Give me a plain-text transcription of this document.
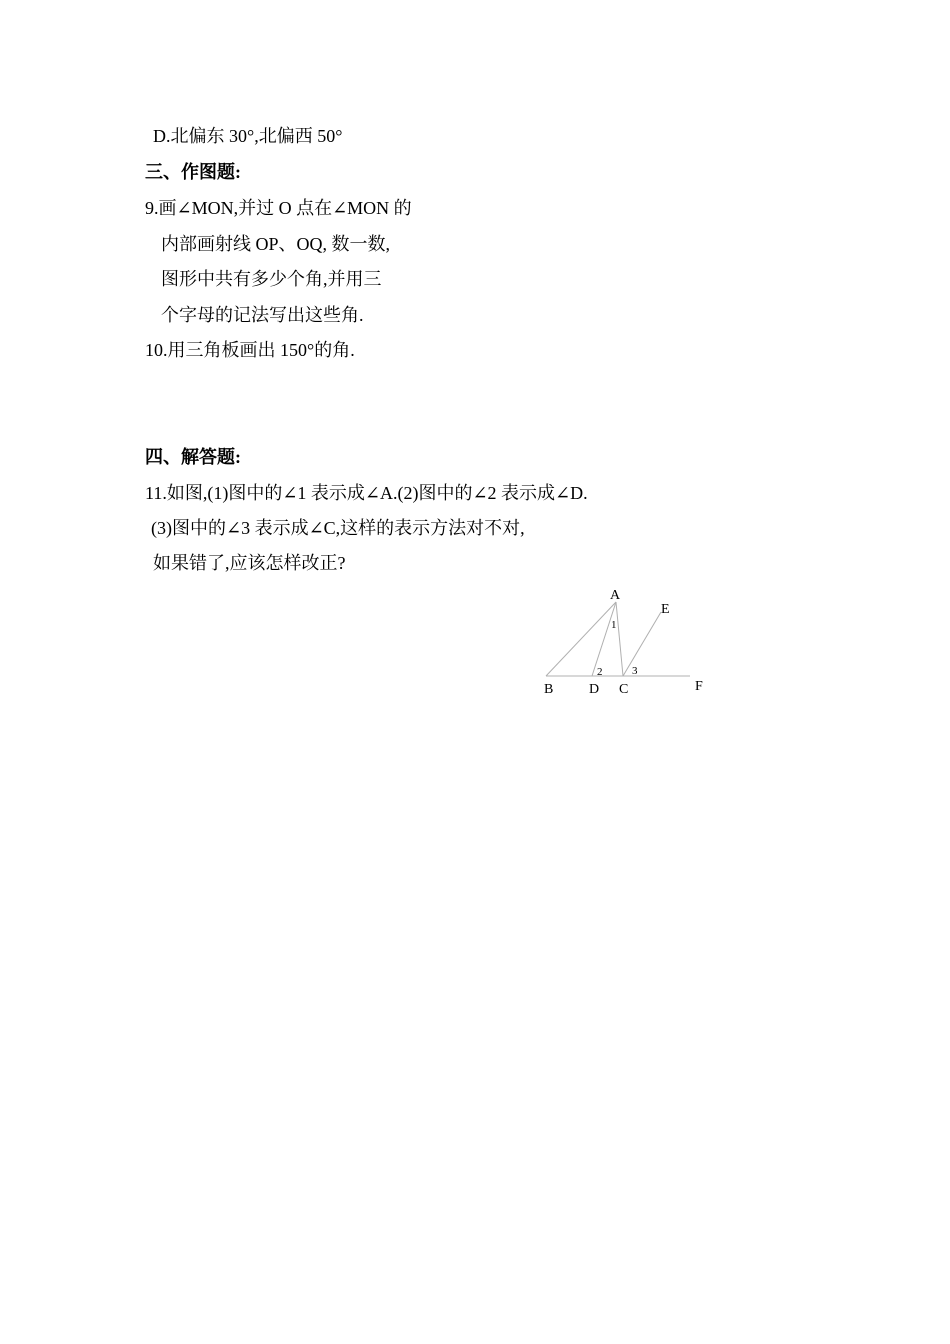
D.北偏东 30°,北偏西 50°
三、作图题:
9.画∠MON,并过 O 点在∠MON 的
内部画射线 OP、OQ, 数一数,
图形中共有多少个角,并用三
个字母的记法写出这些角.
10.用三角板画出 150°的角.
四、解答题:
11.如图,(1)图中的∠1 表示成∠A.(2)图中的∠2 表示成∠D.
(3)图中的∠3 表示成∠C,这样的表示方法对不对,
如果错了,应该怎样改正?
A
E
1
2	3
B	D C	F
